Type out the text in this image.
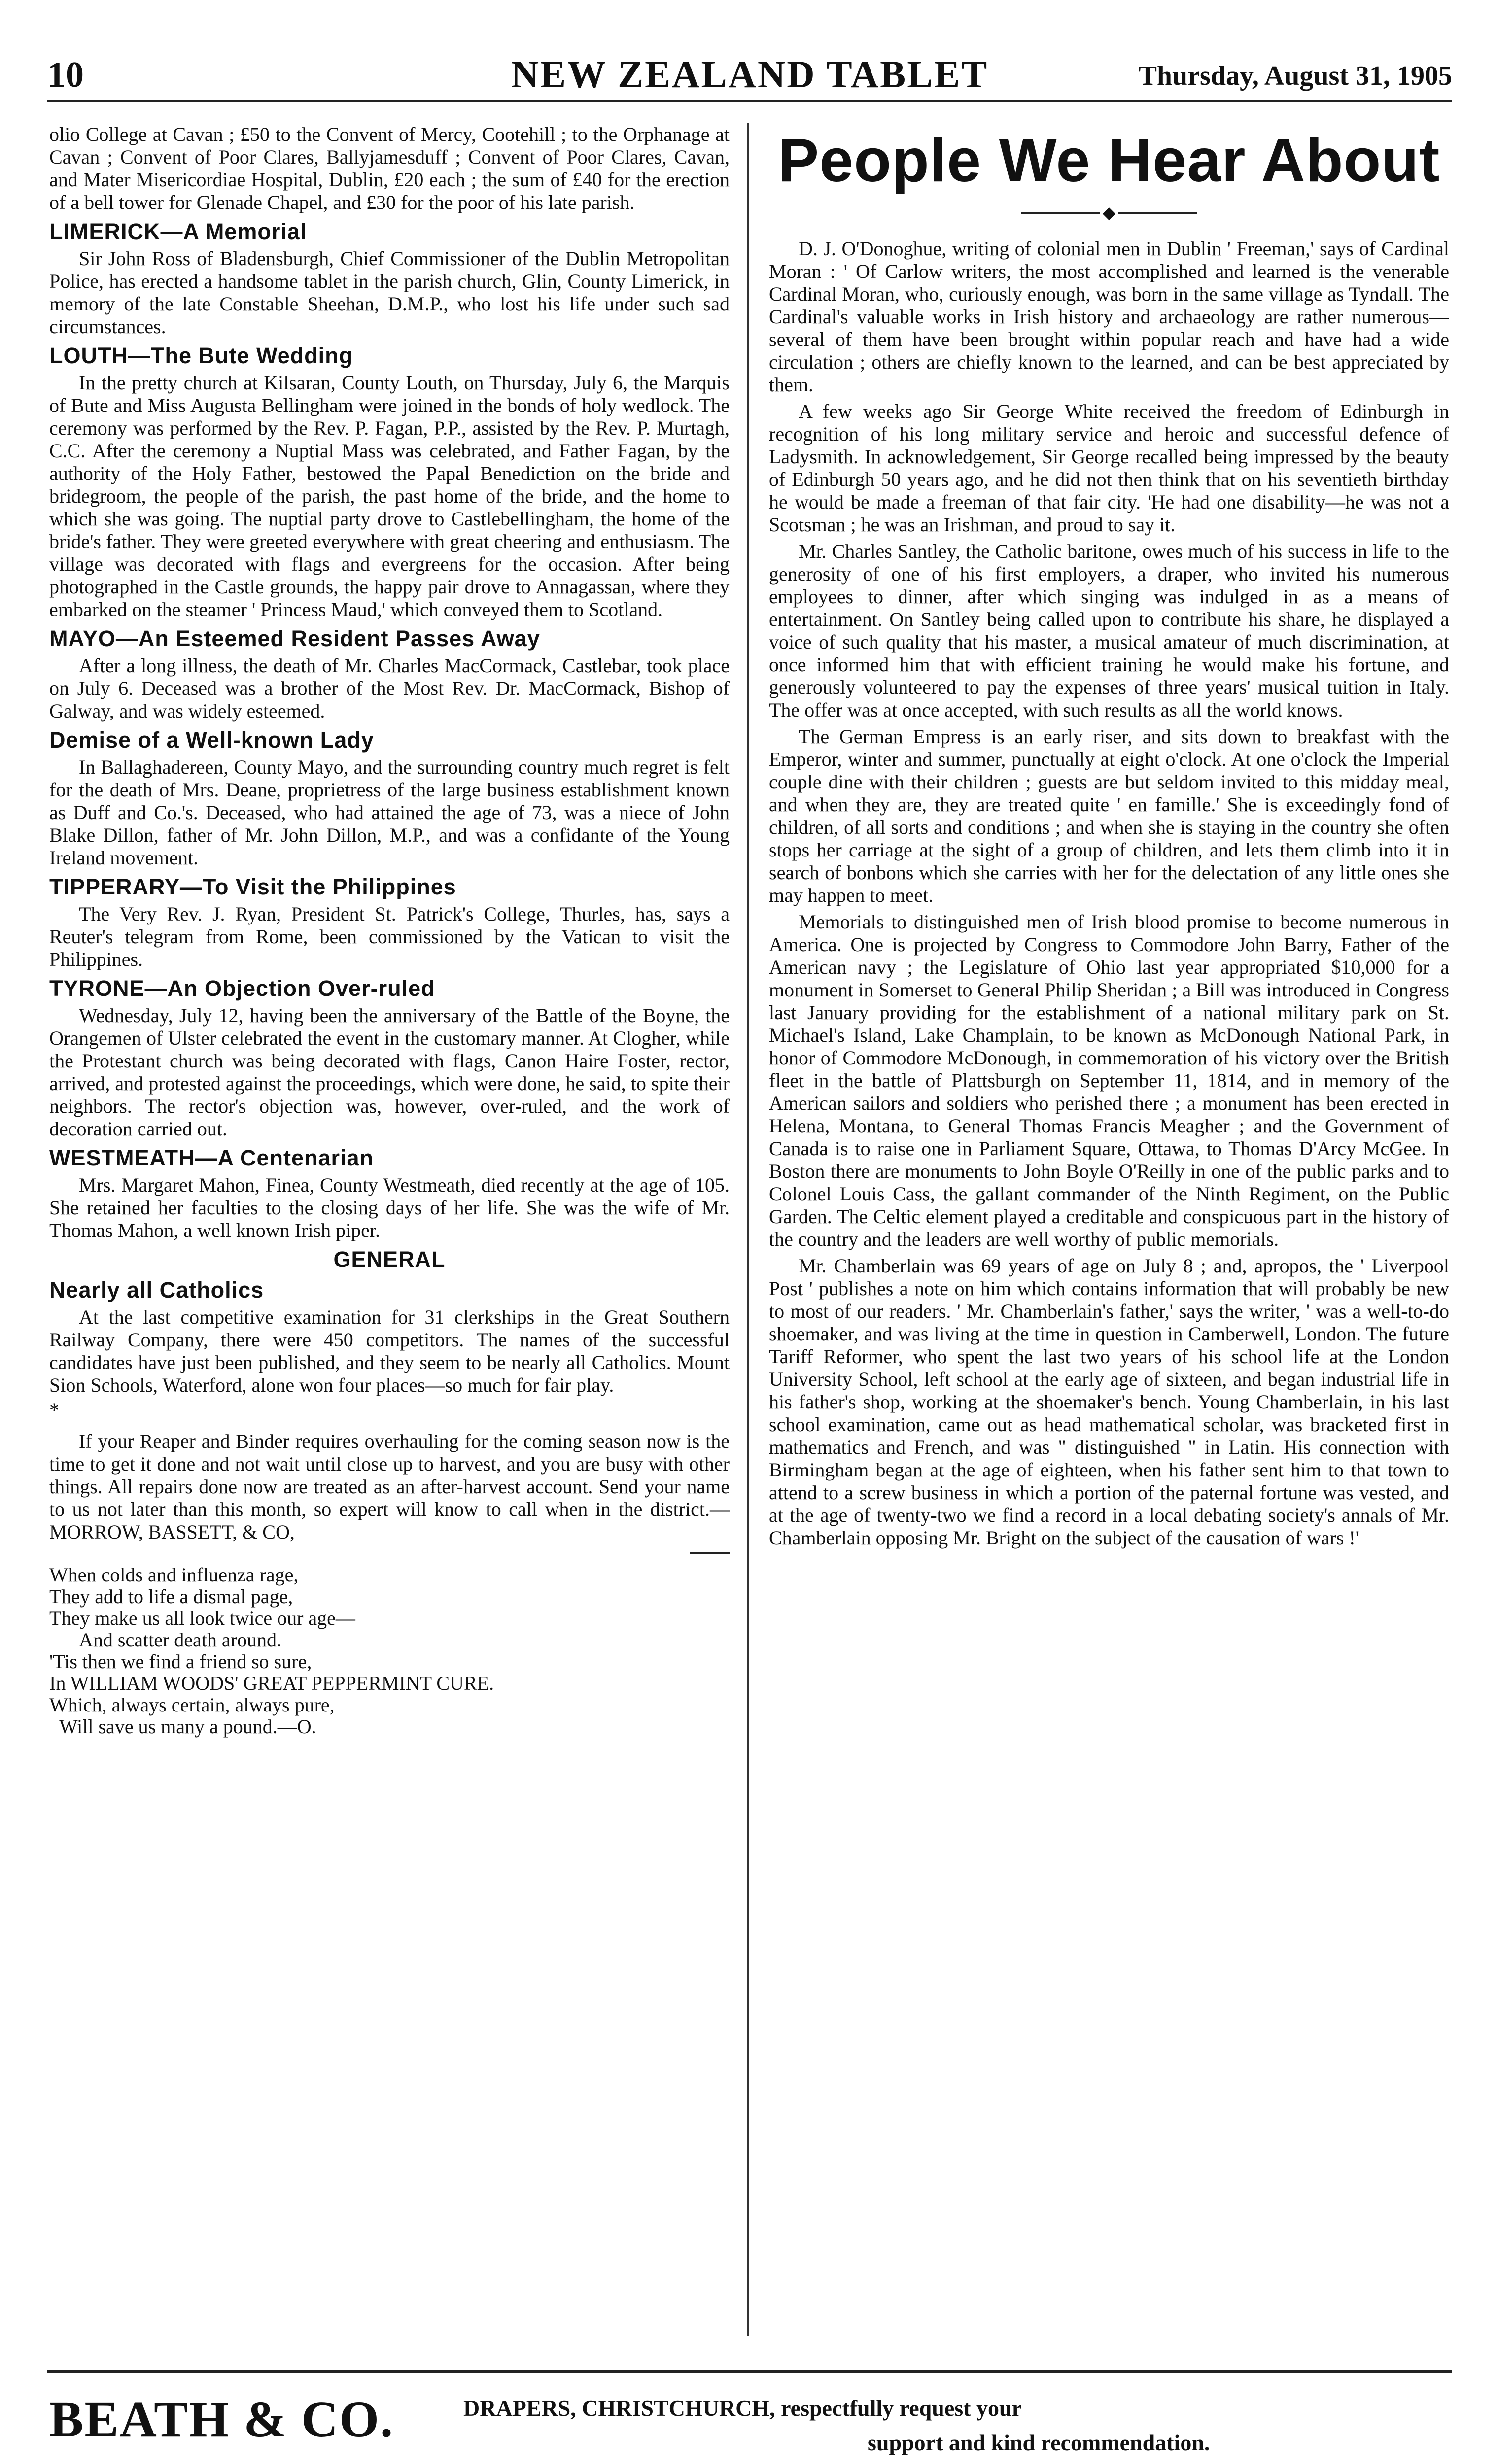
10	NEW ZEALAND TABLET	Thursday, August 31, 1905

olio College at Cavan ; £50 to the Convent of Mercy, Cootehill ; to the Orphanage at Cavan ; Convent of Poor Clares, Ballyjamesduff ; Convent of Poor Clares, Cavan, and Mater Misericordiae Hospital, Dublin, £20 each ; the sum of £40 for the erection of a bell tower for Glenade Chapel, and £30 for the poor of his late parish.

LIMERICK—A Memorial

Sir John Ross of Bladensburgh, Chief Commissioner of the Dublin Metropolitan Police, has erected a handsome tablet in the parish church, Glin, County Limerick, in memory of the late Constable Sheehan, D.M.P., who lost his life under such sad circumstances.

LOUTH—The Bute Wedding

In the pretty church at Kilsaran, County Louth, on Thursday, July 6, the Marquis of Bute and Miss Augusta Bellingham were joined in the bonds of holy wedlock. The ceremony was performed by the Rev. P. Fagan, P.P., assisted by the Rev. P. Murtagh, C.C. After the ceremony a Nuptial Mass was celebrated, and Father Fagan, by the authority of the Holy Father, bestowed the Papal Benediction on the bride and bridegroom, the people of the parish, the past home of the bride, and the home to which she was going. The nuptial party drove to Castlebellingham, the home of the bride's father. They were greeted everywhere with great cheering and enthusiasm. The village was decorated with flags and evergreens for the occasion. After being photographed in the Castle grounds, the happy pair drove to Annagassan, where they embarked on the steamer ' Princess Maud,' which conveyed them to Scotland.

MAYO—An Esteemed Resident Passes Away

After a long illness, the death of Mr. Charles MacCormack, Castlebar, took place on July 6. Deceased was a brother of the Most Rev. Dr. MacCormack, Bishop of Galway, and was widely esteemed.

Demise of a Well-known Lady

In Ballaghadereen, County Mayo, and the surrounding country much regret is felt for the death of Mrs. Deane, proprietress of the large business establishment known as Duff and Co.'s. Deceased, who had attained the age of 73, was a niece of John Blake Dillon, father of Mr. John Dillon, M.P., and was a confidante of the Young Ireland movement.

TIPPERARY—To Visit the Philippines

The Very Rev. J. Ryan, President St. Patrick's College, Thurles, has, says a Reuter's telegram from Rome, been commissioned by the Vatican to visit the Philippines.

TYRONE—An Objection Over-ruled

Wednesday, July 12, having been the anniversary of the Battle of the Boyne, the Orangemen of Ulster celebrated the event in the customary manner. At Clogher, while the Protestant church was being decorated with flags, Canon Haire Foster, rector, arrived, and protested against the proceedings, which were done, he said, to spite their neighbors. The rector's objection was, however, over-ruled, and the work of decoration carried out.

WESTMEATH—A Centenarian

Mrs. Margaret Mahon, Finea, County Westmeath, died recently at the age of 105. She retained her faculties to the closing days of her life. She was the wife of Mr. Thomas Mahon, a well known Irish piper.

GENERAL
Nearly all Catholics

At the last competitive examination for 31 clerkships in the Great Southern Railway Company, there were 450 competitors. The names of the successful candidates have just been published, and they seem to be nearly all Catholics. Mount Sion Schools, Waterford, alone won four places—so much for fair play.

*

If your Reaper and Binder requires overhauling for the coming season now is the time to get it done and not wait until close up to harvest, and you are busy with other things. All repairs done now are treated as an after-harvest account. Send your name to us not later than this month, so expert will know to call when in the district.—MORROW, BASSETT, & CO,

When colds and influenza rage,

They add to life a dismal page,

They make us all look twice our age—

And scatter death around.

'Tis then we find a friend so sure,

In WILLIAM WOODS' GREAT PEPPERMINT CURE.

Which, always certain, always pure,

Will save us many a pound.—O.

People We Hear About
◆

D. J. O'Donoghue, writing of colonial men in Dublin ' Freeman,' says of Cardinal Moran : ' Of Carlow writers, the most accomplished and learned is the venerable Cardinal Moran, who, curiously enough, was born in the same village as Tyndall. The Cardinal's valuable works in Irish history and archaeology are rather numerous—several of them have been brought within popular reach and have had a wide circulation ; others are chiefly known to the learned, and can be best appreciated by them.

A few weeks ago Sir George White received the freedom of Edinburgh in recognition of his long military service and heroic and successful defence of Ladysmith. In acknowledgement, Sir George recalled being impressed by the beauty of Edinburgh 50 years ago, and he did not then think that on his seventieth birthday he would be made a freeman of that fair city. 'He had one disability—he was not a Scotsman ; he was an Irishman, and proud to say it.

Mr. Charles Santley, the Catholic baritone, owes much of his success in life to the generosity of one of his first employers, a draper, who invited his numerous employees to dinner, after which singing was indulged in as a means of entertainment. On Santley being called upon to contribute his share, he displayed a voice of such quality that his master, a musical amateur of much discrimination, at once informed him that with efficient training he would make his fortune, and generously volunteered to pay the expenses of three years' musical tuition in Italy. The offer was at once accepted, with such results as all the world knows.

The German Empress is an early riser, and sits down to breakfast with the Emperor, winter and summer, punctually at eight o'clock. At one o'clock the Imperial couple dine with their children ; guests are but seldom invited to this midday meal, and when they are, they are treated quite ' en famille.' She is exceedingly fond of children, of all sorts and conditions ; and when she is staying in the country she often stops her carriage at the sight of a group of children, and lets them climb into it in search of bonbons which she carries with her for the delectation of any little ones she may happen to meet.

Memorials to distinguished men of Irish blood promise to become numerous in America. One is projected by Congress to Commodore John Barry, Father of the American navy ; the Legislature of Ohio last year appropriated $10,000 for a monument in Somerset to General Philip Sheridan ; a Bill was introduced in Congress last January providing for the establishment of a national military park on St. Michael's Island, Lake Champlain, to be known as McDonough National Park, in honor of Commodore McDonough, in commemoration of his victory over the British fleet in the battle of Plattsburgh on September 11, 1814, and in memory of the American sailors and soldiers who perished there ; a monument has been erected in Helena, Montana, to General Thomas Francis Meagher ; and the Government of Canada is to raise one in Parliament Square, Ottawa, to Thomas D'Arcy McGee. In Boston there are monuments to John Boyle O'Reilly in one of the public parks and to Colonel Louis Cass, the gallant commander of the Ninth Regiment, on the Public Garden. The Celtic element played a creditable and conspicuous part in the history of the country and the leaders are well worthy of public memorials.

Mr. Chamberlain was 69 years of age on July 8 ; and, apropos, the ' Liverpool Post ' publishes a note on him which contains information that will probably be new to most of our readers. ' Mr. Chamberlain's father,' says the writer, ' was a well-to-do shoemaker, and was living at the time in question in Camberwell, London. The future Tariff Reformer, who spent the last two years of his school life at the London University School, left school at the early age of sixteen, and began industrial life in his father's shop, working at the shoemaker's bench. Young Chamberlain, in his last school examination, came out as head mathematical scholar, was bracketed first in mathematics and French, and was " distinguished " in Latin. His connection with Birmingham began at the age of eighteen, when his father sent him to that town to attend to a screw business in which a portion of the paternal fortune was vested, and at the age of twenty-two we find a record in a local debating society's annals of Mr. Chamberlain opposing Mr. Bright on the subject of the causation of wars !'

BEATH & CO.	DRAPERS, CHRISTCHURCH, respectfully request your
support and kind recommendation.
